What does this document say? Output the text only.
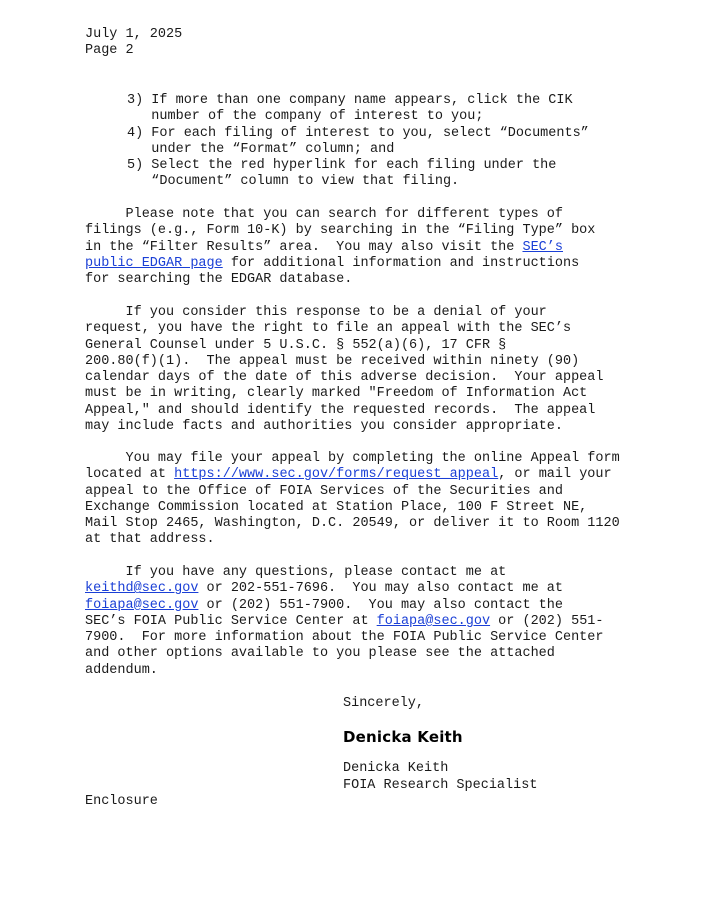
July 1, 2025
Page 2
3) If more than one company name appears, click the CIK
number of the company of interest to you;
4) For each filing of interest to you, select “Documents”
under the “Format” column; and
5) Select the red hyperlink for each filing under the
“Document” column to view that filing.
Please note that you can search for different types of
filings (e.g., Form 10-K) by searching in the “Filing Type” box
in the “Filter Results” area.  You may also visit the SEC’s
public EDGAR page for additional information and instructions
for searching the EDGAR database.
If you consider this response to be a denial of your
request, you have the right to file an appeal with the SEC’s
General Counsel under 5 U.S.C. § 552(a)(6), 17 CFR §
200.80(f)(1).  The appeal must be received within ninety (90)
calendar days of the date of this adverse decision.  Your appeal
must be in writing, clearly marked "Freedom of Information Act
Appeal," and should identify the requested records.  The appeal
may include facts and authorities you consider appropriate.
You may file your appeal by completing the online Appeal form
located at https://www.sec.gov/forms/request_appeal, or mail your
appeal to the Office of FOIA Services of the Securities and
Exchange Commission located at Station Place, 100 F Street NE,
Mail Stop 2465, Washington, D.C. 20549, or deliver it to Room 1120
at that address.
If you have any questions, please contact me at
keithd@sec.gov or 202-551-7696.  You may also contact me at
foiapa@sec.gov or (202) 551-7900.  You may also contact the
SEC’s FOIA Public Service Center at foiapa@sec.gov or (202) 551-
7900.  For more information about the FOIA Public Service Center
and other options available to you please see the attached
addendum.
Sincerely,
Denicka Keith
Denicka Keith
FOIA Research Specialist
Enclosure
